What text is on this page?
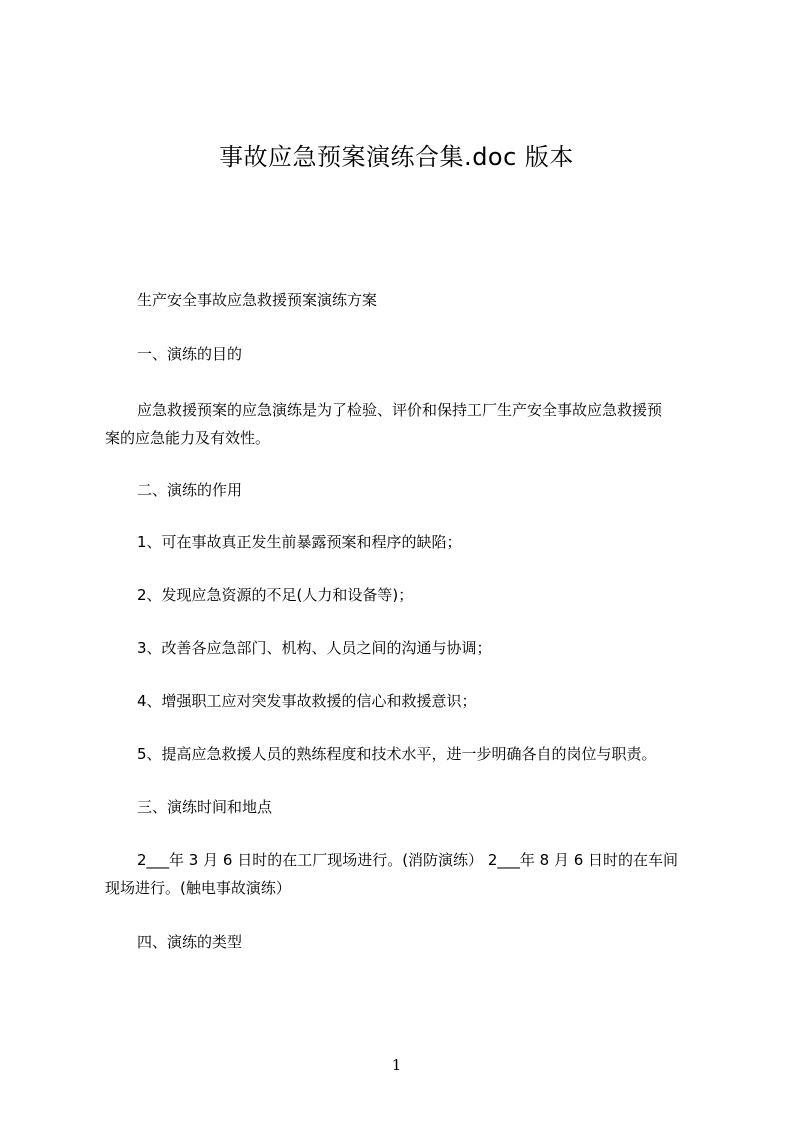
事故应急预案演练合集.doc 版本
生产安全事故应急救援预案演练方案
一、演练的目的
应急救援预案的应急演练是为了检验、评价和保持工厂生产安全事故应急救援预
案的应急能力及有效性。
二、演练的作用
1、可在事故真正发生前暴露预案和程序的缺陷；
2、发现应急资源的不足(人力和设备等)；
3、改善各应急部门、机构、人员之间的沟通与协调；
4、增强职工应对突发事故救援的信心和救援意识；
5、提高应急救援人员的熟练程度和技术水平，进一步明确各自的岗位与职责。
三、演练时间和地点
2___年 3 月 6 日时的在工厂现场进行。(消防演练） 2___年 8 月 6 日时的在车间
现场进行。(触电事故演练）
四、演练的类型
1
